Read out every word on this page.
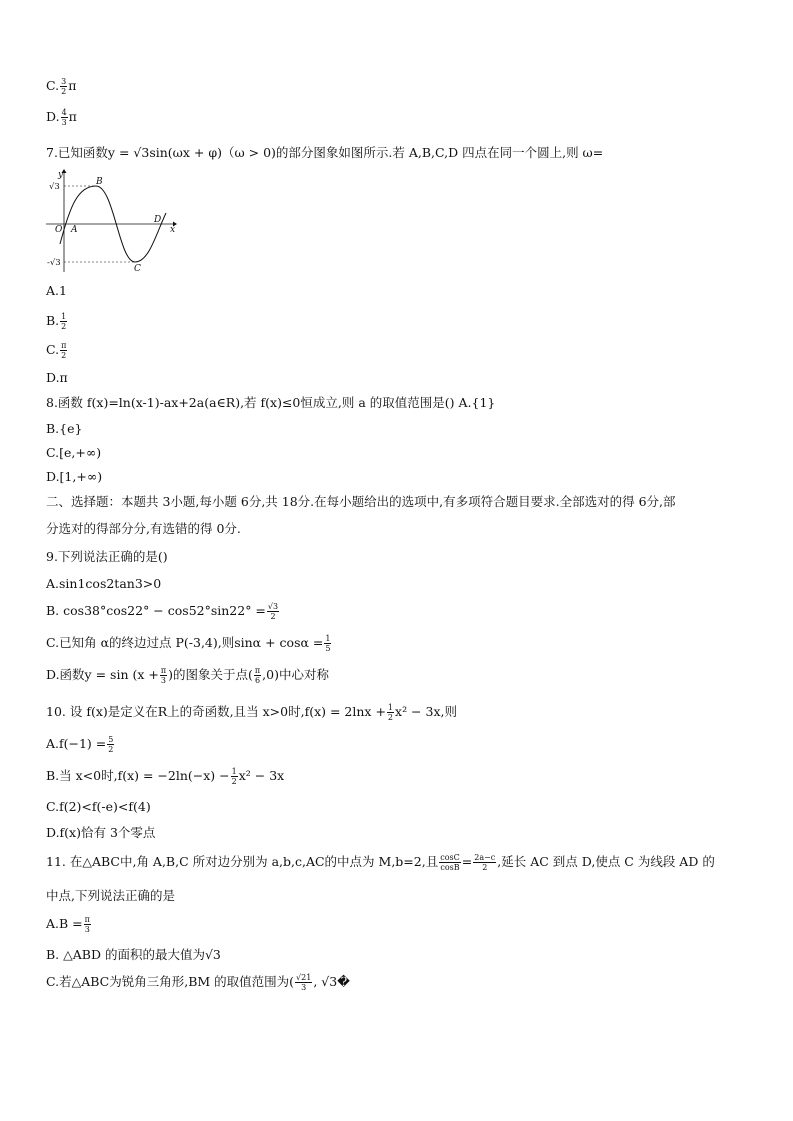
C. $\frac{3}{2}$ π
D. $\frac{4}{3}$ π
7.已知函数y = √3sin(ωx + φ)（ω > 0)的部分图象如图所示.若 A,B,C,D 四点在同一个圆上,则 ω=
y
x
O A
B
C
D
√3
-√3
A.1
B. $\frac{1}{2}$
C. $\frac{\pi}{2}$
D.π
8.函数 f(x)=ln(x-1)-ax+2a(a∈R),若 f(x)≤0恒成立,则 a 的取值范围是() A.{1}
B.{e}
C.[e,+∞)
D.[1,+∞)
二、选择题：本题共 3小题,每小题 6分,共 18分.在每小题给出的选项中,有多项符合题目要求.全部选对的得 6分,部
分选对的得部分分,有选错的得 0分.
9.下列说法正确的是()
A.sin1cos2tan3>0
B. $\cos 38^\circ\cos 22^\circ - \cos 52^\circ\sin 22^\circ = \frac{√3}{2}$
C.已知角 α的终边过点 P(-3,4),则$\sin\alpha + \cos\alpha = \frac{1}{5}$
D.函数$y = \sin (x + \frac{\pi}{3}$ )的图象关于点( $\frac{\pi}{6} ,0$)中心对称
10. 设 f(x)是定义在R上的奇函数,且当 x>0时$,f(x) = 2\ln x + \frac{1}{2} x^2 - 3x$,则
$A.f(-1) = \frac{5}{2}$
B.当 x<0时$,f(x) = -2\ln(-x) - \frac{1}{2} x^2 - 3x$
C.f(2)<f(-e)<f(4)
D.f(x)恰有 3个零点
11. 在△ABC中,角 A,B,C 所对边分别为 a,b,c,AC的中点为 M,b=2,且 $\frac{\cos C}{\cos B} = \frac{2a-c}{2}$ ,延长 AC 到点 D,使点 C 为线段 AD 的
中点,下列说法正确的是
$A.B = \frac{\pi}{3}$
B. △ABD 的面积的最大值为√3
C.若△ABC为锐角三角形,BM 的取值范围为( $\frac{√21}{3}$ , √3�
